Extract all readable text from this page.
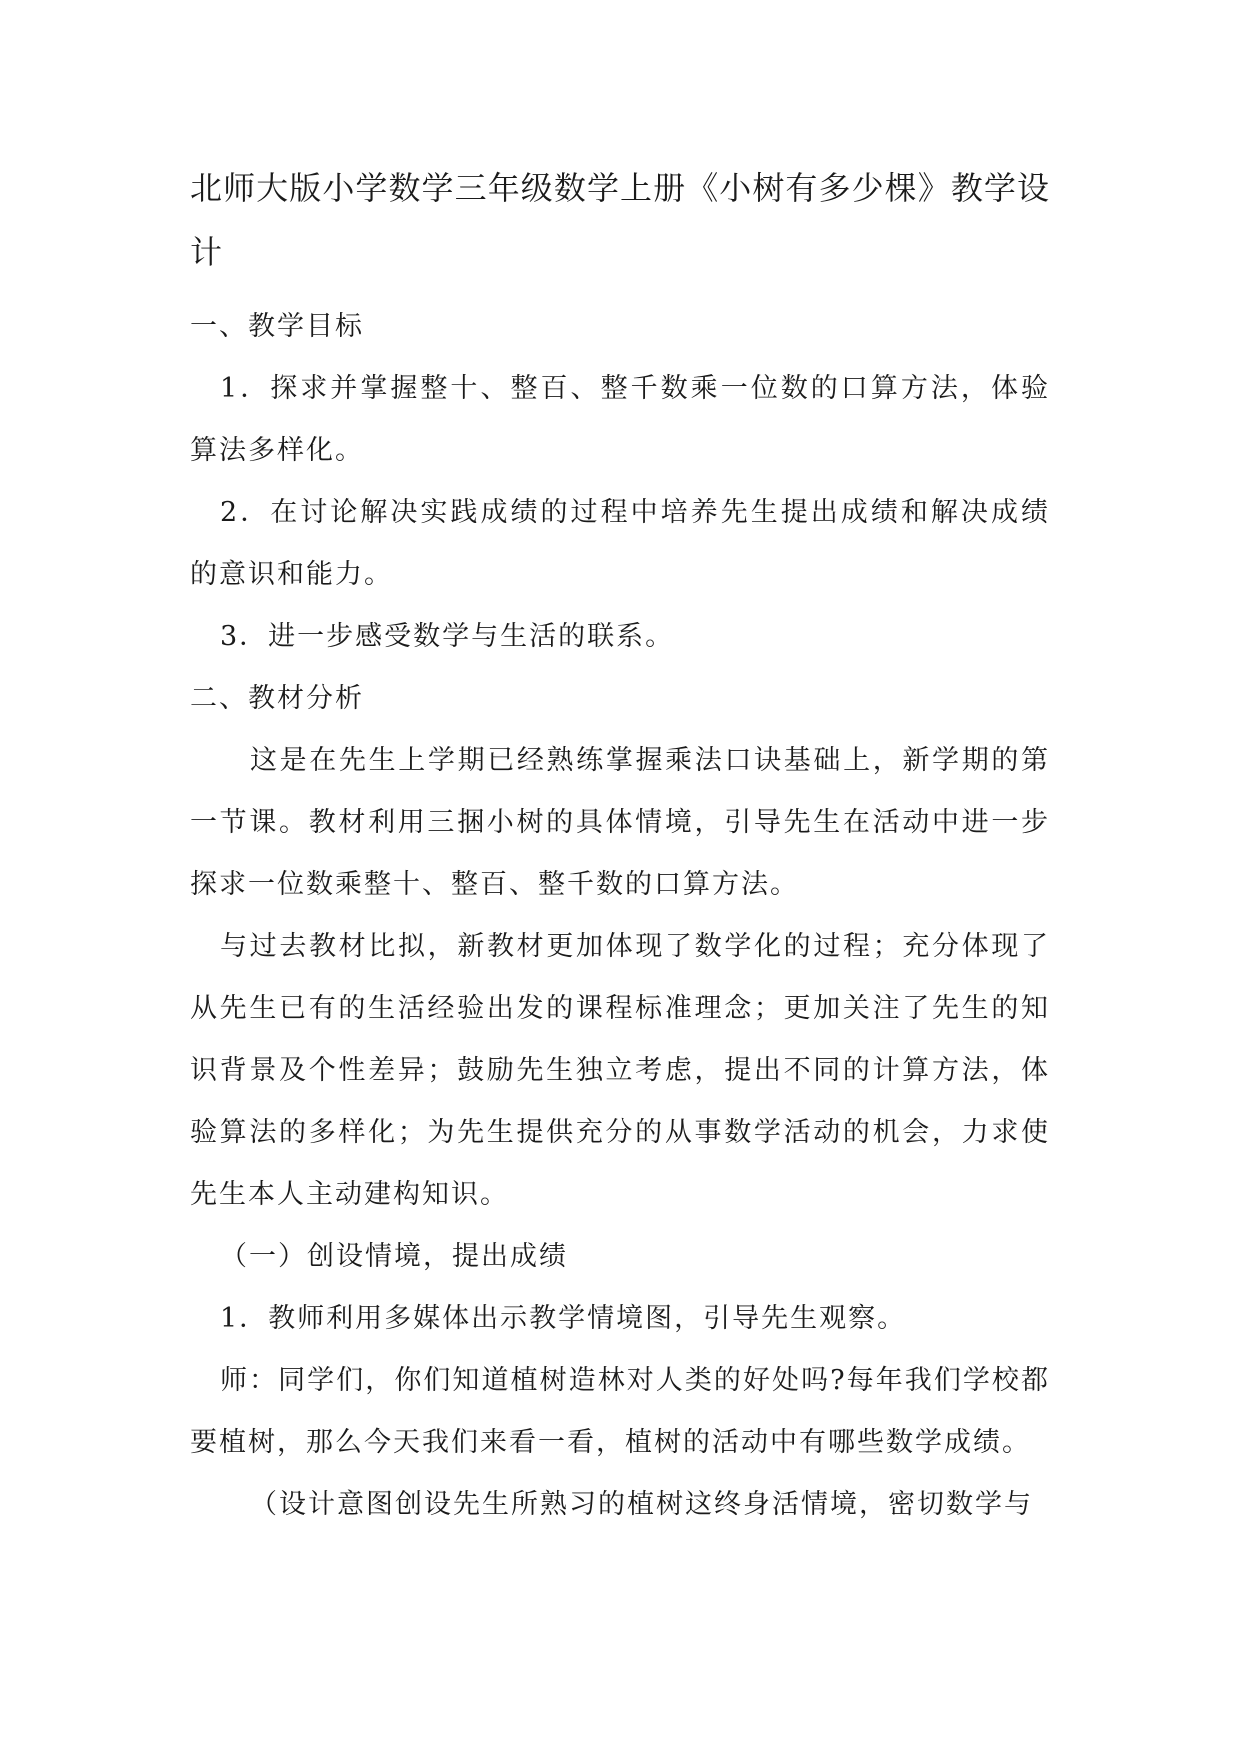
北师大版小学数学三年级数学上册《小树有多少棵》教学设计

一、教学目标

1．探求并掌握整十、整百、整千数乘一位数的口算方法，体验算法多样化。

2．在讨论解决实践成绩的过程中培养先生提出成绩和解决成绩的意识和能力。

3．进一步感受数学与生活的联系。

二、教材分析

这是在先生上学期已经熟练掌握乘法口诀基础上，新学期的第一节课。教材利用三捆小树的具体情境，引导先生在活动中进一步探求一位数乘整十、整百、整千数的口算方法。

与过去教材比拟，新教材更加体现了数学化的过程；充分体现了从先生已有的生活经验出发的课程标准理念；更加关注了先生的知识背景及个性差异；鼓励先生独立考虑，提出不同的计算方法，体验算法的多样化；为先生提供充分的从事数学活动的机会，力求使先生本人主动建构知识。

（一）创设情境，提出成绩

1．教师利用多媒体出示教学情境图，引导先生观察。

师：同学们，你们知道植树造林对人类的好处吗?每年我们学校都要植树，那么今天我们来看一看，植树的活动中有哪些数学成绩。

（设计意图创设先生所熟习的植树这终身活情境，密切数学与
